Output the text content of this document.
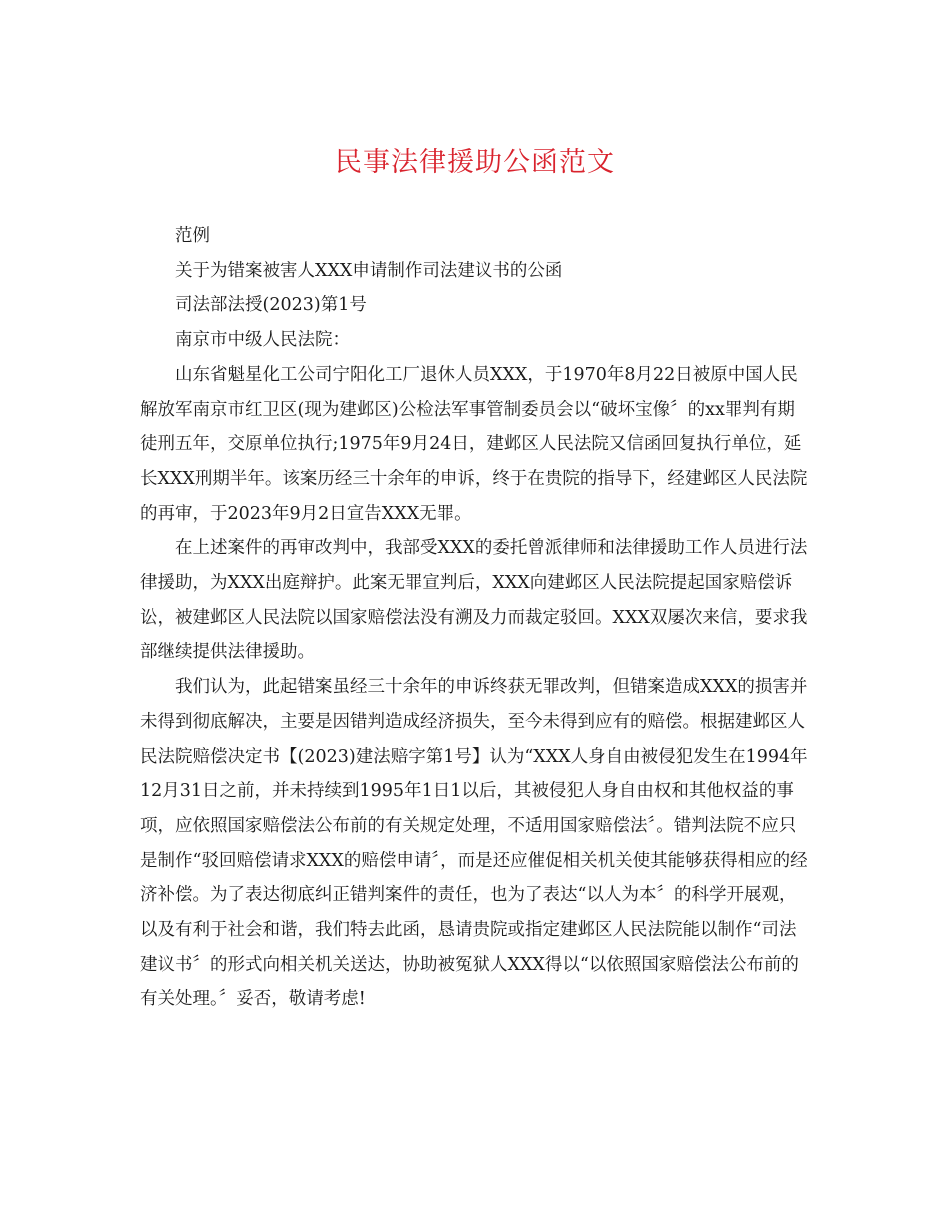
民事法律援助公函范文

范例

关于为错案被害人XXX申请制作司法建议书的公函

司法部法授(2023)第1号

南京市中级人民法院：

山东省魁星化工公司宁阳化工厂退休人员XXX，于1970年8月22日被原中国人民解放军南京市红卫区(现为建邺区)公检法军事管制委员会以“破坏宝像〞的xx罪判有期徒刑五年，交原单位执行;1975年9月24日，建邺区人民法院又信函回复执行单位，延长XXX刑期半年。该案历经三十余年的申诉，终于在贵院的指导下，经建邺区人民法院的再审，于2023年9月2日宣告XXX无罪。

在上述案件的再审改判中，我部受XXX的委托曾派律师和法律援助工作人员进行法律援助，为XXX出庭辩护。此案无罪宣判后，XXX向建邺区人民法院提起国家赔偿诉讼，被建邺区人民法院以国家赔偿法没有溯及力而裁定驳回。XXX双屡次来信，要求我部继续提供法律援助。

我们认为，此起错案虽经三十余年的申诉终获无罪改判，但错案造成XXX的损害并未得到彻底解决，主要是因错判造成经济损失，至今未得到应有的赔偿。根据建邺区人民法院赔偿决定书【(2023)建法赔字第1号】认为“XXX人身自由被侵犯发生在1994年12月31日之前，并未持续到1995年1日1以后，其被侵犯人身自由权和其他权益的事项，应依照国家赔偿法公布前的有关规定处理，不适用国家赔偿法〞。错判法院不应只是制作“驳回赔偿请求XXX的赔偿申请〞，而是还应催促相关机关使其能够获得相应的经济补偿。为了表达彻底纠正错判案件的责任，也为了表达“以人为本〞的科学开展观，以及有利于社会和谐，我们特去此函，恳请贵院或指定建邺区人民法院能以制作“司法建议书〞的形式向相关机关送达，协助被冤狱人XXX得以“以依照国家赔偿法公布前的有关处理。〞妥否，敬请考虑!
